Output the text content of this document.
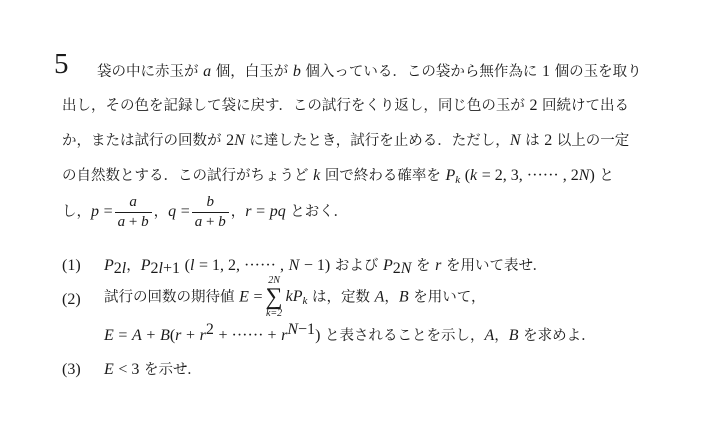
5 袋の中に赤玉が a 個，白玉が b 個入っている．この袋から無作為に 1 個の玉を取り
出し，その色を記録して袋に戻す．この試行をくり返し，同じ色の玉が 2 回続けて出る
か，または試行の回数が 2N に達したとき，試行を止める．ただし，N は 2 以上の一定
の自然数とする．この試行がちょうど k 回で終わる確率を $P_k$ (k = 2, 3, ······ , 2N) と
し，$p = \frac{a}{a + b}$ ，$q = \frac{b}{a + b}$ ，r = pq とおく．
(1) $P_{2l}$，$P_{2l+1}$ (l = 1, 2, ······ , N − 1) および $P_{2N}$ を r を用いて表せ．
(2) 試行の回数の期待値 E =
2N
∑
k=2
$kP_k$ は，定数 A，B を用いて，
$E = A + B(r + r^2$ + ······ + $r^{N-1}$) と表されることを示し，A，B を求めよ．
(3) E < 3 を示せ．
